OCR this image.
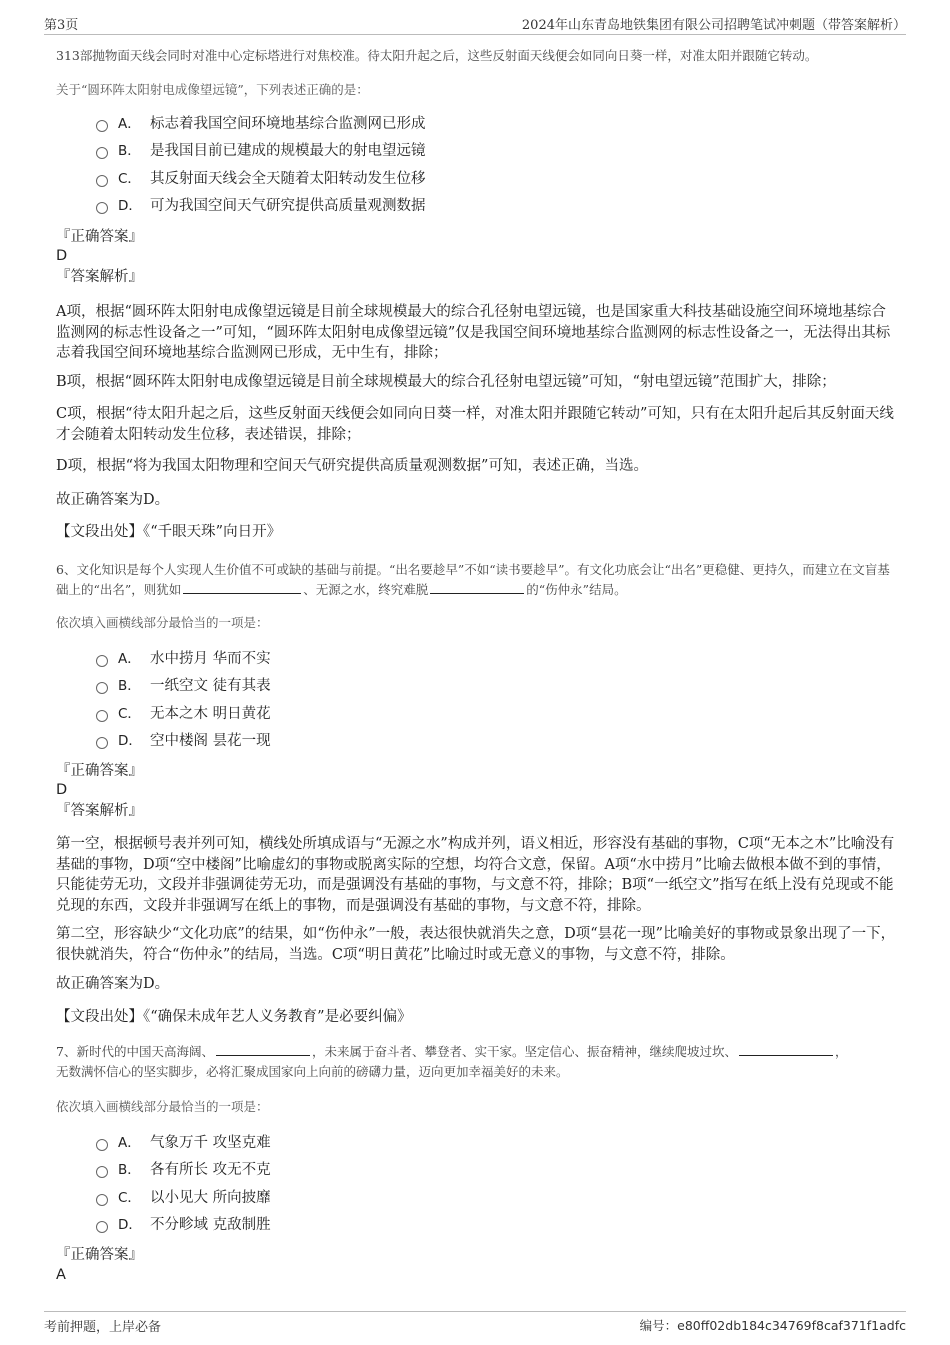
第3页	2024年山东青岛地铁集团有限公司招聘笔试冲刺题（带答案解析）
313部抛物面天线会同时对准中心定标塔进行对焦校准。待太阳升起之后，这些反射面天线便会如同向日葵一样，对准太阳并跟随它转动。
关于“圆环阵太阳射电成像望远镜”，下列表述正确的是：
A． 标志着我国空间环境地基综合监测网已形成
B． 是我国目前已建成的规模最大的射电望远镜
C． 其反射面天线会全天随着太阳转动发生位移
D． 可为我国空间天气研究提供高质量观测数据
『正确答案』
D
『答案解析』
A项，根据“圆环阵太阳射电成像望远镜是目前全球规模最大的综合孔径射电望远镜，也是国家重大科技基础设施空间环境地基综合监测网的标志性设备之一”可知，“圆环阵太阳射电成像望远镜”仅是我国空间环境地基综合监测网的标志性设备之一，无法得出其标志着我国空间环境地基综合监测网已形成，无中生有，排除；
B项，根据“圆环阵太阳射电成像望远镜是目前全球规模最大的综合孔径射电望远镜”可知，“射电望远镜”范围扩大，排除；
C项，根据“待太阳升起之后，这些反射面天线便会如同向日葵一样，对准太阳并跟随它转动”可知，只有在太阳升起后其反射面天线才会随着太阳转动发生位移，表述错误，排除；
D项，根据“将为我国太阳物理和空间天气研究提供高质量观测数据”可知，表述正确，当选。
故正确答案为D。
【文段出处】《“千眼天珠”向日开》
6、文化知识是每个人实现人生价值不可或缺的基础与前提。“出名要趁早”不如“读书要趁早”。有文化功底会让“出名”更稳健、更持久，而建立在文盲基础上的“出名”，则犹如	、无源之水，终究难脱	的“伤仲永”结局。
依次填入画横线部分最恰当的一项是：
A． 水中捞月 华而不实
B． 一纸空文 徒有其表
C． 无本之木 明日黄花
D． 空中楼阁 昙花一现
『正确答案』
D
『答案解析』
第一空，根据顿号表并列可知，横线处所填成语与“无源之水”构成并列，语义相近，形容没有基础的事物，C项“无本之木”比喻没有基础的事物，D项“空中楼阁”比喻虚幻的事物或脱离实际的空想，均符合文意，保留。A项“水中捞月”比喻去做根本做不到的事情，只能徒劳无功，文段并非强调徒劳无功，而是强调没有基础的事物，与文意不符，排除；B项“一纸空文”指写在纸上没有兑现或不能兑现的东西，文段并非强调写在纸上的事物，而是强调没有基础的事物，与文意不符，排除。
第二空，形容缺少“文化功底”的结果，如“伤仲永”一般，表达很快就消失之意，D项“昙花一现”比喻美好的事物或景象出现了一下，很快就消失，符合“伤仲永”的结局，当选。C项“明日黄花”比喻过时或无意义的事物，与文意不符，排除。
故正确答案为D。
【文段出处】《“确保未成年艺人义务教育”是必要纠偏》
7、新时代的中国天高海阔、	，未来属于奋斗者、攀登者、实干家。坚定信心、振奋精神，继续爬坡过坎、	，
无数满怀信心的坚实脚步，必将汇聚成国家向上向前的磅礴力量，迈向更加幸福美好的未来。
依次填入画横线部分最恰当的一项是：
A． 气象万千 攻坚克难
B． 各有所长 攻无不克
C． 以小见大 所向披靡
D． 不分畛域 克敌制胜
『正确答案』
A
考前押题，上岸必备	编号：e80ff02db184c34769f8caf371f1adfc
